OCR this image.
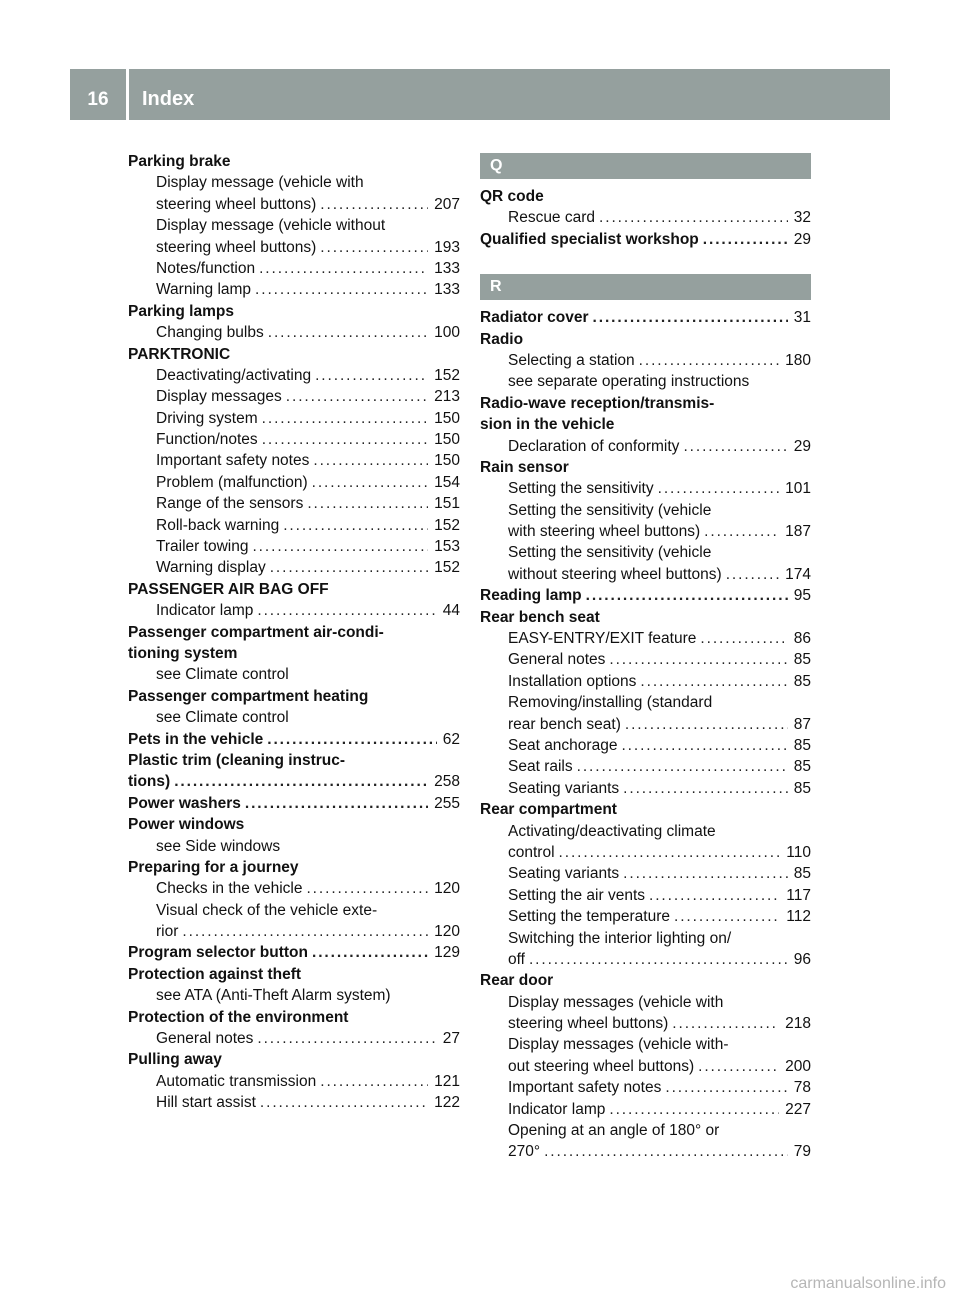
16	Index
Parking brake
Display message (vehicle with
steering wheel buttons) . . .	207
Display message (vehicle without
steering wheel buttons) . . .	193
Notes/function . . .	133
Warning lamp . . .	133
Parking lamps
Changing bulbs . . .	100
PARKTRONIC
Deactivating/activating . . .	152
Display messages . . .	213
Driving system . . .	150
Function/notes . . .	150
Important safety notes . . .	150
Problem (malfunction) . . .	154
Range of the sensors . . .	151
Roll-back warning . . .	152
Trailer towing . . .	153
Warning display . . .	152
PASSENGER AIR BAG OFF
Indicator lamp . . .	44
Passenger compartment air-condi-
tioning system
see Climate control
Passenger compartment heating
see Climate control
Pets in the vehicle . . .	62
Plastic trim (cleaning instruc-
tions) . . .	258
Power washers . . .	255
Power windows
see Side windows
Preparing for a journey
Checks in the vehicle . . .	120
Visual check of the vehicle exte-
rior . . .	120
Program selector button . . .	129
Protection against theft
see ATA (Anti-Theft Alarm system)
Protection of the environment
General notes . . .	27
Pulling away
Automatic transmission . . .	121
Hill start assist . . .	122
Q
QR code
Rescue card . . .	32
Qualified specialist workshop . . .	29
R
Radiator cover . . .	31
Radio
Selecting a station . . .	180
see separate operating instructions
Radio-wave reception/transmis-
sion in the vehicle
Declaration of conformity . . .	29
Rain sensor
Setting the sensitivity . . .	101
Setting the sensitivity (vehicle
with steering wheel buttons) . . .	187
Setting the sensitivity (vehicle
without steering wheel buttons) . . .	174
Reading lamp . . .	95
Rear bench seat
EASY-ENTRY/EXIT feature . . .	86
General notes . . .	85
Installation options . . .	85
Removing/installing (standard
rear bench seat) . . .	87
Seat anchorage . . .	85
Seat rails . . .	85
Seating variants . . .	85
Rear compartment
Activating/deactivating climate
control . . .	110
Seating variants . . .	85
Setting the air vents . . .	117
Setting the temperature . . .	112
Switching the interior lighting on/
off . . .	96
Rear door
Display messages (vehicle with
steering wheel buttons) . . .	218
Display messages (vehicle with-
out steering wheel buttons) . . .	200
Important safety notes . . .	78
Indicator lamp . . .	227
Opening at an angle of 180° or
270° . . .	79
carmanualsonline.info
